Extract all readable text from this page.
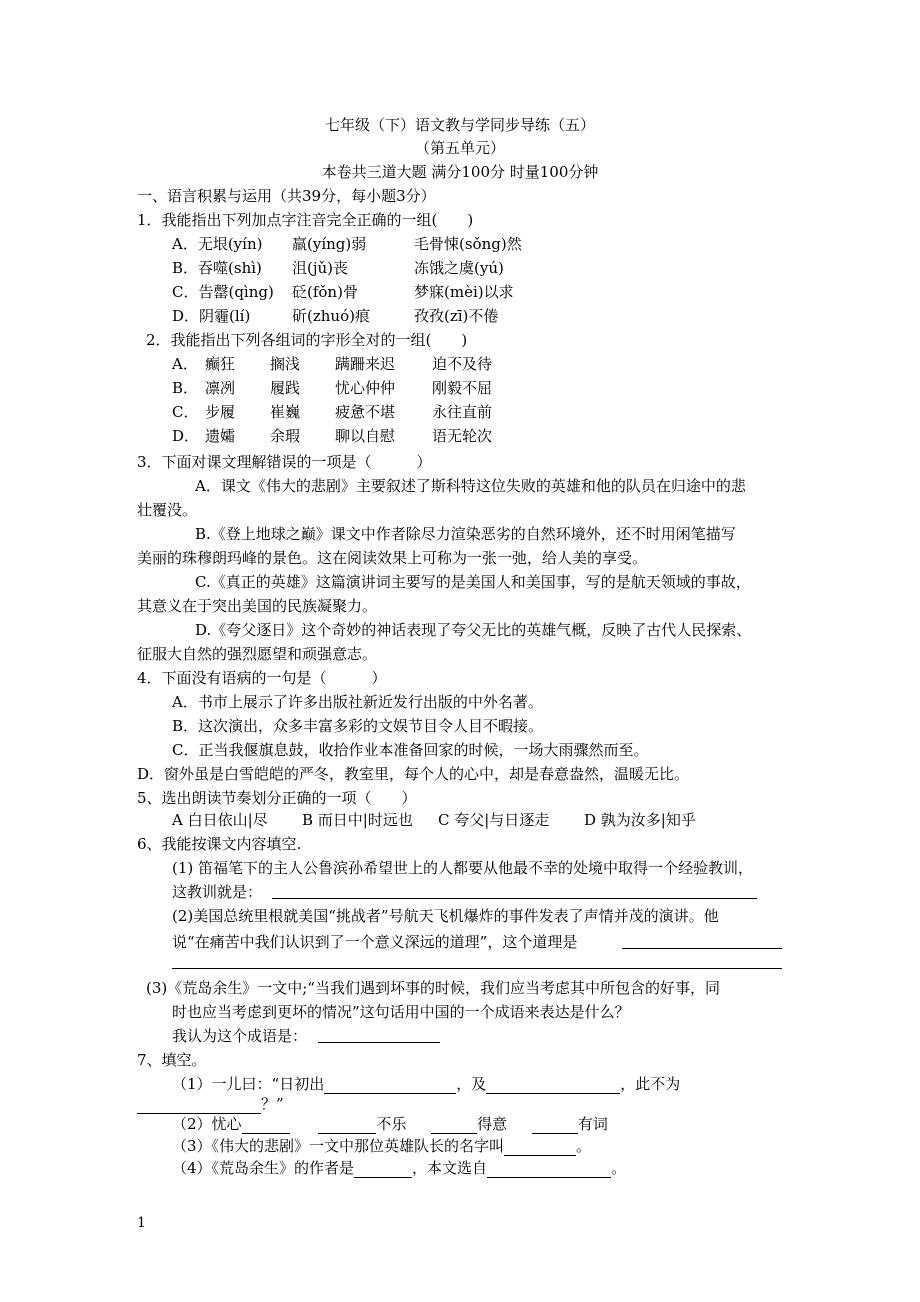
七年级（下）语文教与学同步导练（五）
（第五单元）
本卷共三道大题 满分100分 时量100分钟
一、语言积累与运用（共39分，每小题3分）
1．我能指出下列加点字注音完全正确的一组(　　)
A．无垠(yín) 羸(yíng)弱	毛骨悚(sǒng)然
B．吞噬(shì) 沮(jǔ)丧	冻饿之虞(yú)
C．告罄(qìng) 砭(fǒn)骨	梦寐(mèi)以求
D．阴霾(lí)	斫(zhuó)痕	孜孜(zī)不倦
2．我能指出下列各组词的字形全对的一组(　　)
A． 癫狂 搁浅 蹒跚来迟 迫不及待
B． 凛冽 履践 忧心仲仲 刚毅不屈
C． 步履 崔巍 疲惫不堪 永往直前
D． 遗孀 余瑕 聊以自慰 语无轮次
3．下面对课文理解错误的一项是（　　　）
A．课文《伟大的悲剧》主要叙述了斯科特这位失败的英雄和他的队员在归途中的悲
壮覆没。
B.《登上地球之巅》课文中作者除尽力渲染恶劣的自然环境外，还不时用闲笔描写
美丽的珠穆朗玛峰的景色。这在阅读效果上可称为一张一弛，给人美的享受。
C.《真正的英雄》这篇演讲词主要写的是美国人和美国事，写的是航天领域的事故，
其意义在于突出美国的民族凝聚力。
D.《夸父逐日》这个奇妙的神话表现了夸父无比的英雄气概，反映了古代人民探索、
征服大自然的强烈愿望和顽强意志。
4．下面没有语病的一句是（　　　）
A．书市上展示了许多出版社新近发行出版的中外名著。
B．这次演出，众多丰富多彩的文娱节目令人目不暇接。
C．正当我偃旗息鼓，收拾作业本准备回家的时候，一场大雨骤然而至。
D．窗外虽是白雪皑皑的严冬，教室里，每个人的心中，却是春意盎然，温暖无比。
5、选出朗读节奏划分正确的一项（　　）
A 白日依山|尽 B 而日中|时远也 C 夸父|与日逐走 D 孰为汝多|知乎
6、我能按课文内容填空.
(1) 笛福笔下的主人公鲁滨孙希望世上的人都要从他最不幸的处境中取得一个经验教训，
这教训就是：
(2)美国总统里根就美国“挑战者”号航天飞机爆炸的事件发表了声情并茂的演讲。他
说“在痛苦中我们认识到了一个意义深远的道理”，这个道理是
(3)《荒岛余生》一文中;“当我们遇到坏事的时候，我们应当考虑其中所包含的好事，同
时也应当考虑到更坏的情况”这句话用中国的一个成语来表达是什么？
我认为这个成语是：
7、填空。
（1）一儿曰：“日初出	，及	，此不为
？”
（2）忧心	不乐	得意	有词
（3）《伟大的悲剧》一文中那位英雄队长的名字叫	。
（4）《荒岛余生》的作者是	，本文选自	。
1
